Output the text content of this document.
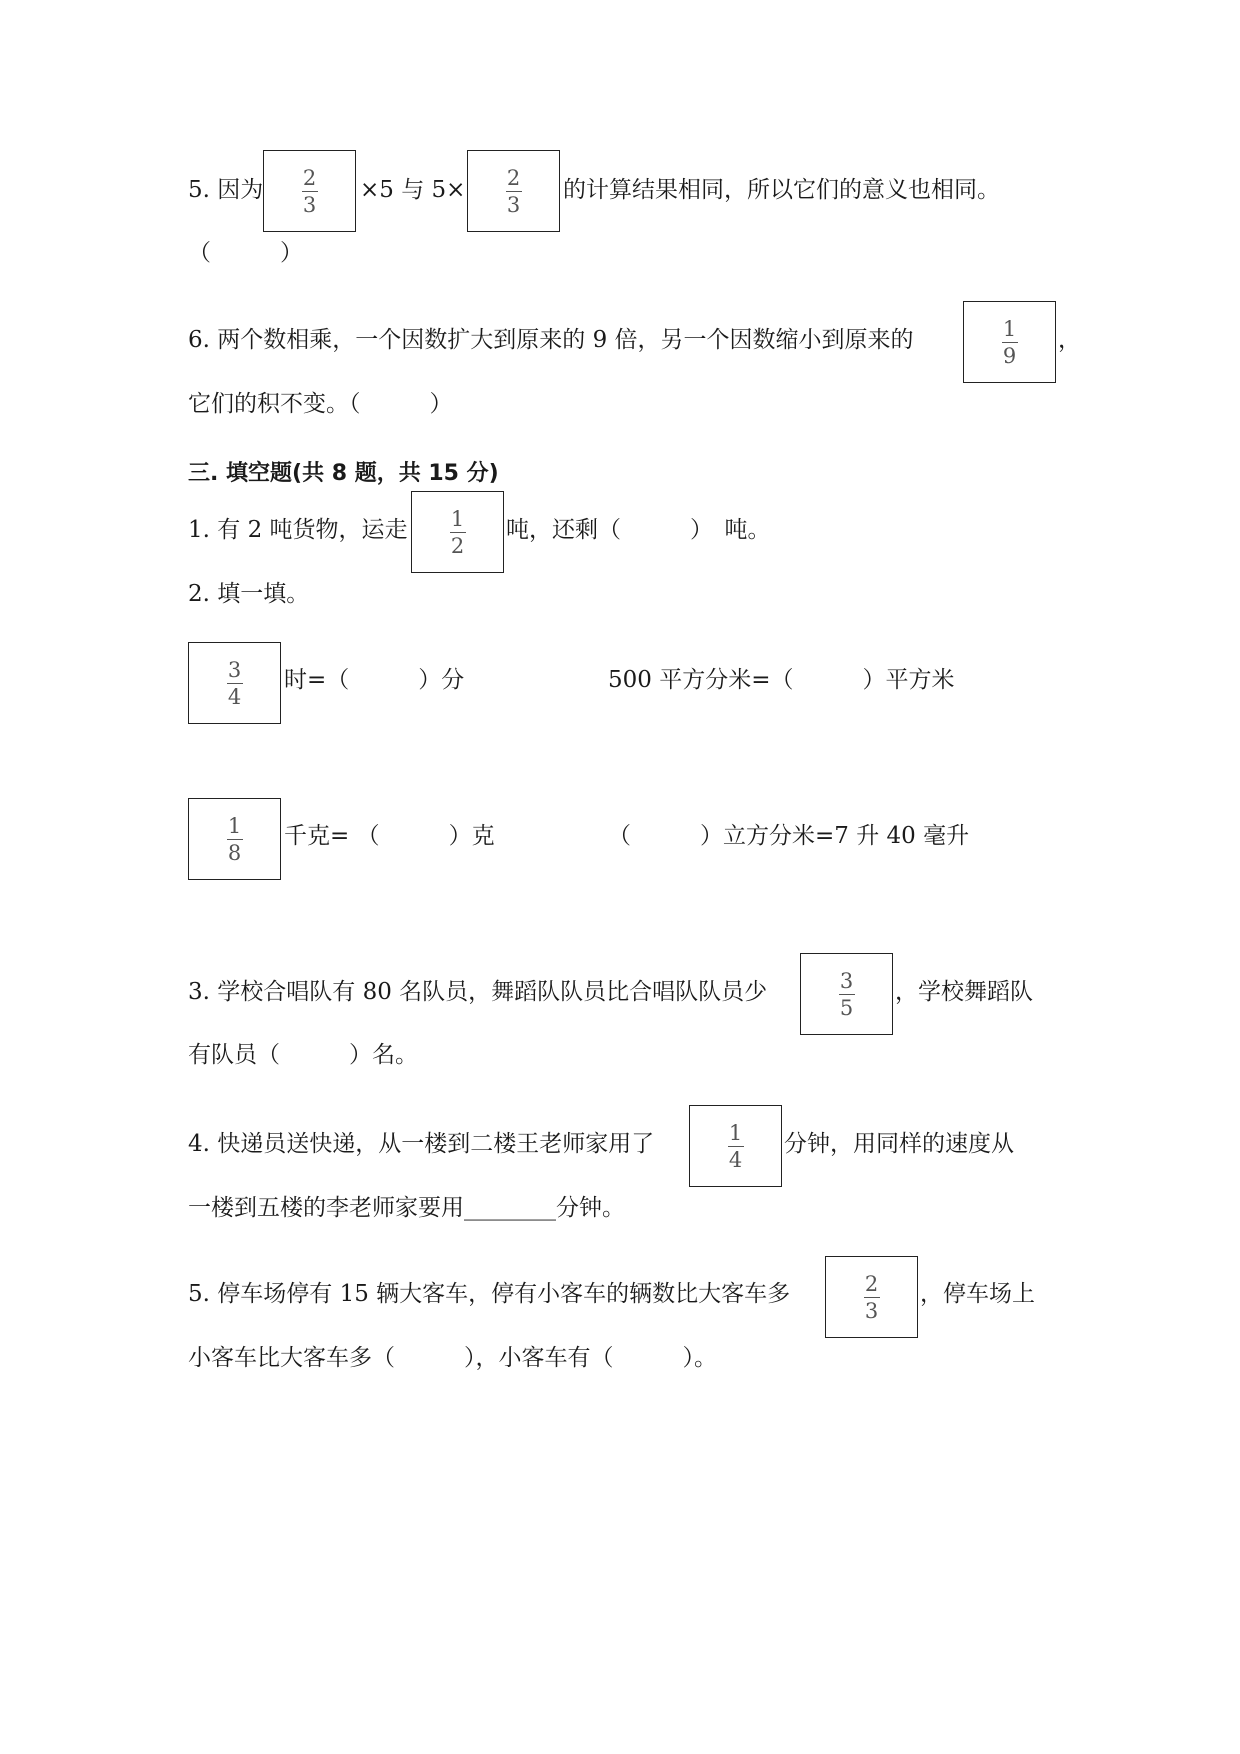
5. 因为 2
3
×5 与 5× 2
3
的计算结果相同，所以它们的意义也相同。
（　　　）
6. 两个数相乘，一个因数扩大到原来的 9 倍，另一个因数缩小到原来的	1
9
，
它们的积不变。（　　　）
三. 填空题(共 8 题，共 15 分)
1. 有 2 吨货物，运走 1
2
吨，还剩（　　　）　吨。
2. 填一填。
3
4
时=（　　　）分	500 平方分米=（　　　）平方米
1
8
千克= （　　　）克	（　　　）立方分米=7 升 40 毫升
3. 学校合唱队有 80 名队员，舞蹈队队员比合唱队队员少	3
5
，学校舞蹈队
有队员（　　　）名。
4. 快递员送快递，从一楼到二楼王老师家用了	1
4
分钟，用同样的速度从
一楼到五楼的李老师家要用________分钟。
5. 停车场停有 15 辆大客车，停有小客车的辆数比大客车多	2
3
，停车场上
小客车比大客车多（　　　），小客车有（　　　）。
